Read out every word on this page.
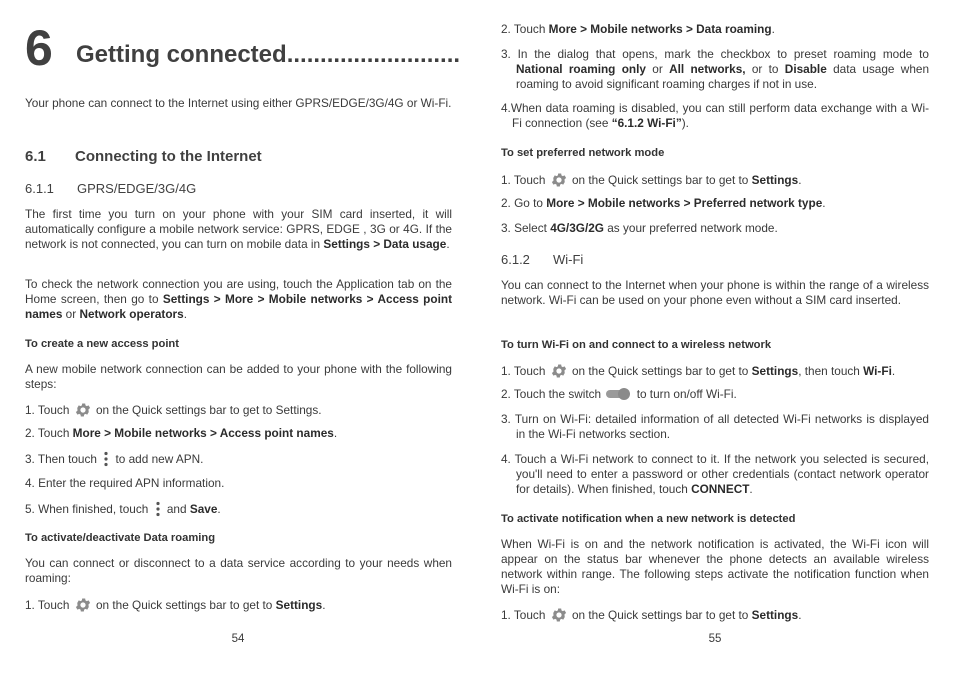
6 Getting connected..........................

Your phone can connect to the Internet using either GPRS/EDGE/3G/4G or Wi-Fi.

6.1 Connecting to the Internet
6.1.1 GPRS/EDGE/3G/4G

The first time you turn on your phone with your SIM card inserted, it will automatically configure a mobile network service: GPRS, EDGE , 3G or 4G. If the network is not connected, you can turn on mobile data in Settings > Data usage.

To check the network connection you are using, touch the Application tab on the Home screen, then go to Settings > More > Mobile networks > Access point names or Network operators.

To create a new access point

A new mobile network connection can be added to your phone with the following steps:

1. Touch on the Quick settings bar to get to Settings.

2. Touch More > Mobile networks > Access point names.

3. Then touch to add new APN.

4. Enter the required APN information.

5. When finished, touch and Save.

To activate/deactivate Data roaming

You can connect or disconnect to a data service according to your needs when roaming:

1. Touch on the Quick settings bar to get to Settings.

54

2. Touch More > Mobile networks > Data roaming.

3. In the dialog that opens, mark the checkbox to preset roaming mode to National roaming only or All networks, or to Disable data usage when roaming to avoid significant roaming charges if not in use.

4.When data roaming is disabled, you can still perform data exchange with a Wi-Fi connection (see “6.1.2 Wi-Fi”).

To set preferred network mode

1. Touch on the Quick settings bar to get to Settings.

2. Go to More > Mobile networks > Preferred network type.

3. Select 4G/3G/2G as your preferred network mode.

6.1.2 Wi-Fi

You can connect to the Internet when your phone is within the range of a wireless network. Wi-Fi can be used on your phone even without a SIM card inserted.

To turn Wi-Fi on and connect to a wireless network

1. Touch on the Quick settings bar to get to Settings, then touch Wi-Fi.

2. Touch the switch	to turn on/off Wi-Fi.

3. Turn on Wi-Fi: detailed information of all detected Wi-Fi networks is displayed in the Wi-Fi networks section.

4. Touch a Wi-Fi network to connect to it. If the network you selected is secured, you'll need to enter a password or other credentials (contact network operator for details). When finished, touch CONNECT.

To activate notification when a new network is detected

When Wi-Fi is on and the network notification is activated, the Wi-Fi icon will appear on the status bar whenever the phone detects an available wireless network within range. The following steps activate the notification function when Wi-Fi is on:

1. Touch on the Quick settings bar to get to Settings.

55
